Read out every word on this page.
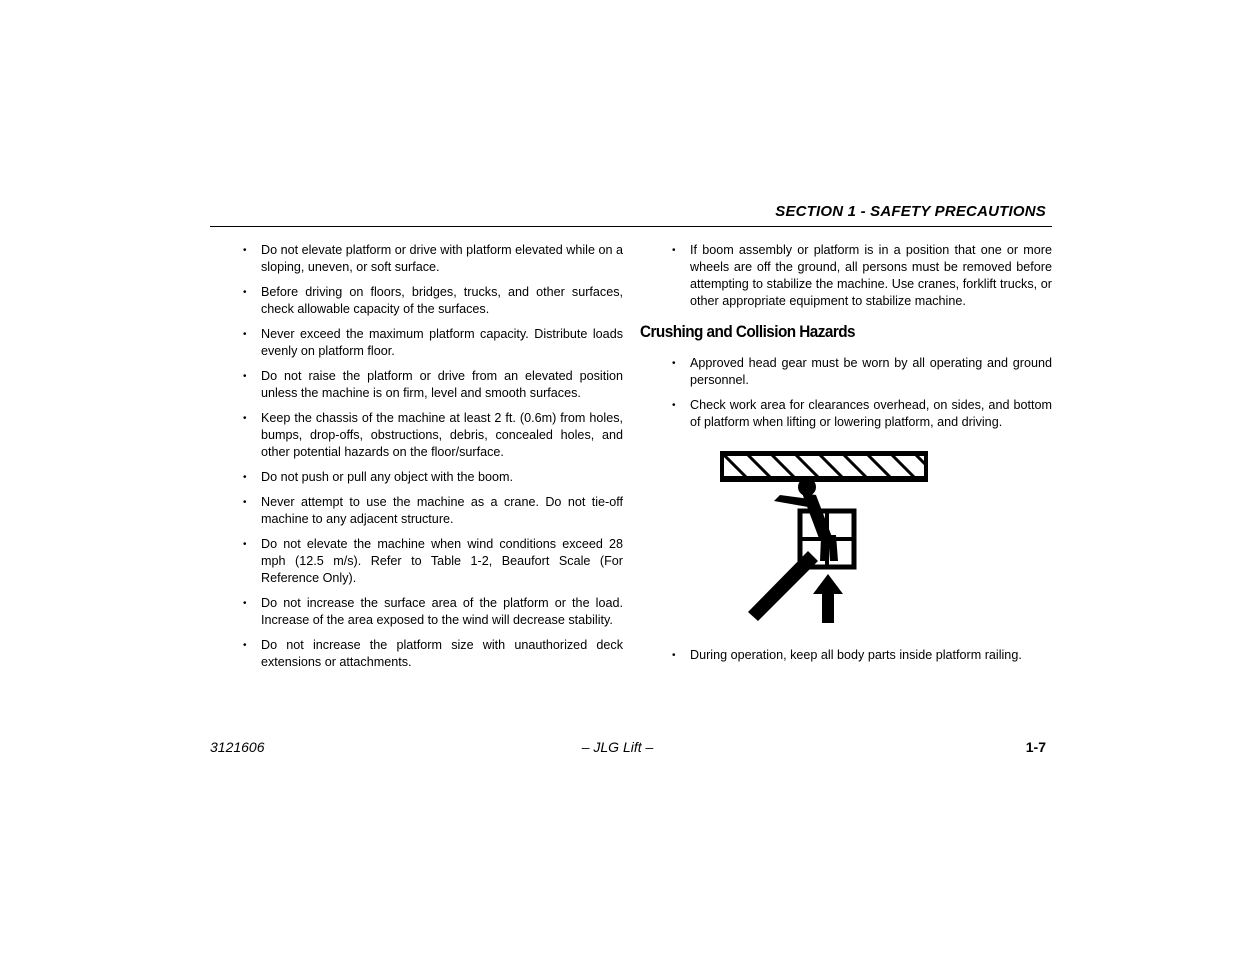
SECTION 1 - SAFETY PRECAUTIONS
• Do not elevate platform or drive with platform elevated while on a sloping, uneven, or soft surface.
• Before driving on floors, bridges, trucks, and other surfaces, check allowable capacity of the surfaces.
• Never exceed the maximum platform capacity. Distribute loads evenly on platform floor.
• Do not raise the platform or drive from an elevated position unless the machine is on firm, level and smooth surfaces.
• Keep the chassis of the machine at least 2 ft. (0.6m) from holes, bumps, drop-offs, obstructions, debris, concealed holes, and other potential hazards on the floor/surface.
• Do not push or pull any object with the boom.
• Never attempt to use the machine as a crane. Do not tie-off machine to any adjacent structure.
• Do not elevate the machine when wind conditions exceed 28 mph (12.5 m/s). Refer to Table 1-2, Beaufort Scale (For Reference Only).
• Do not increase the surface area of the platform or the load. Increase of the area exposed to the wind will decrease stability.
• Do not increase the platform size with unauthorized deck extensions or attachments.
• If boom assembly or platform is in a position that one or more wheels are off the ground, all persons must be removed before attempting to stabilize the machine. Use cranes, forklift trucks, or other appropriate equipment to stabilize machine.
Crushing and Collision Hazards
• Approved head gear must be worn by all operating and ground personnel.
• Check work area for clearances overhead, on sides, and bottom of platform when lifting or lowering platform, and driving.
• During operation, keep all body parts inside platform railing.
3121606	– JLG Lift –	1-7
